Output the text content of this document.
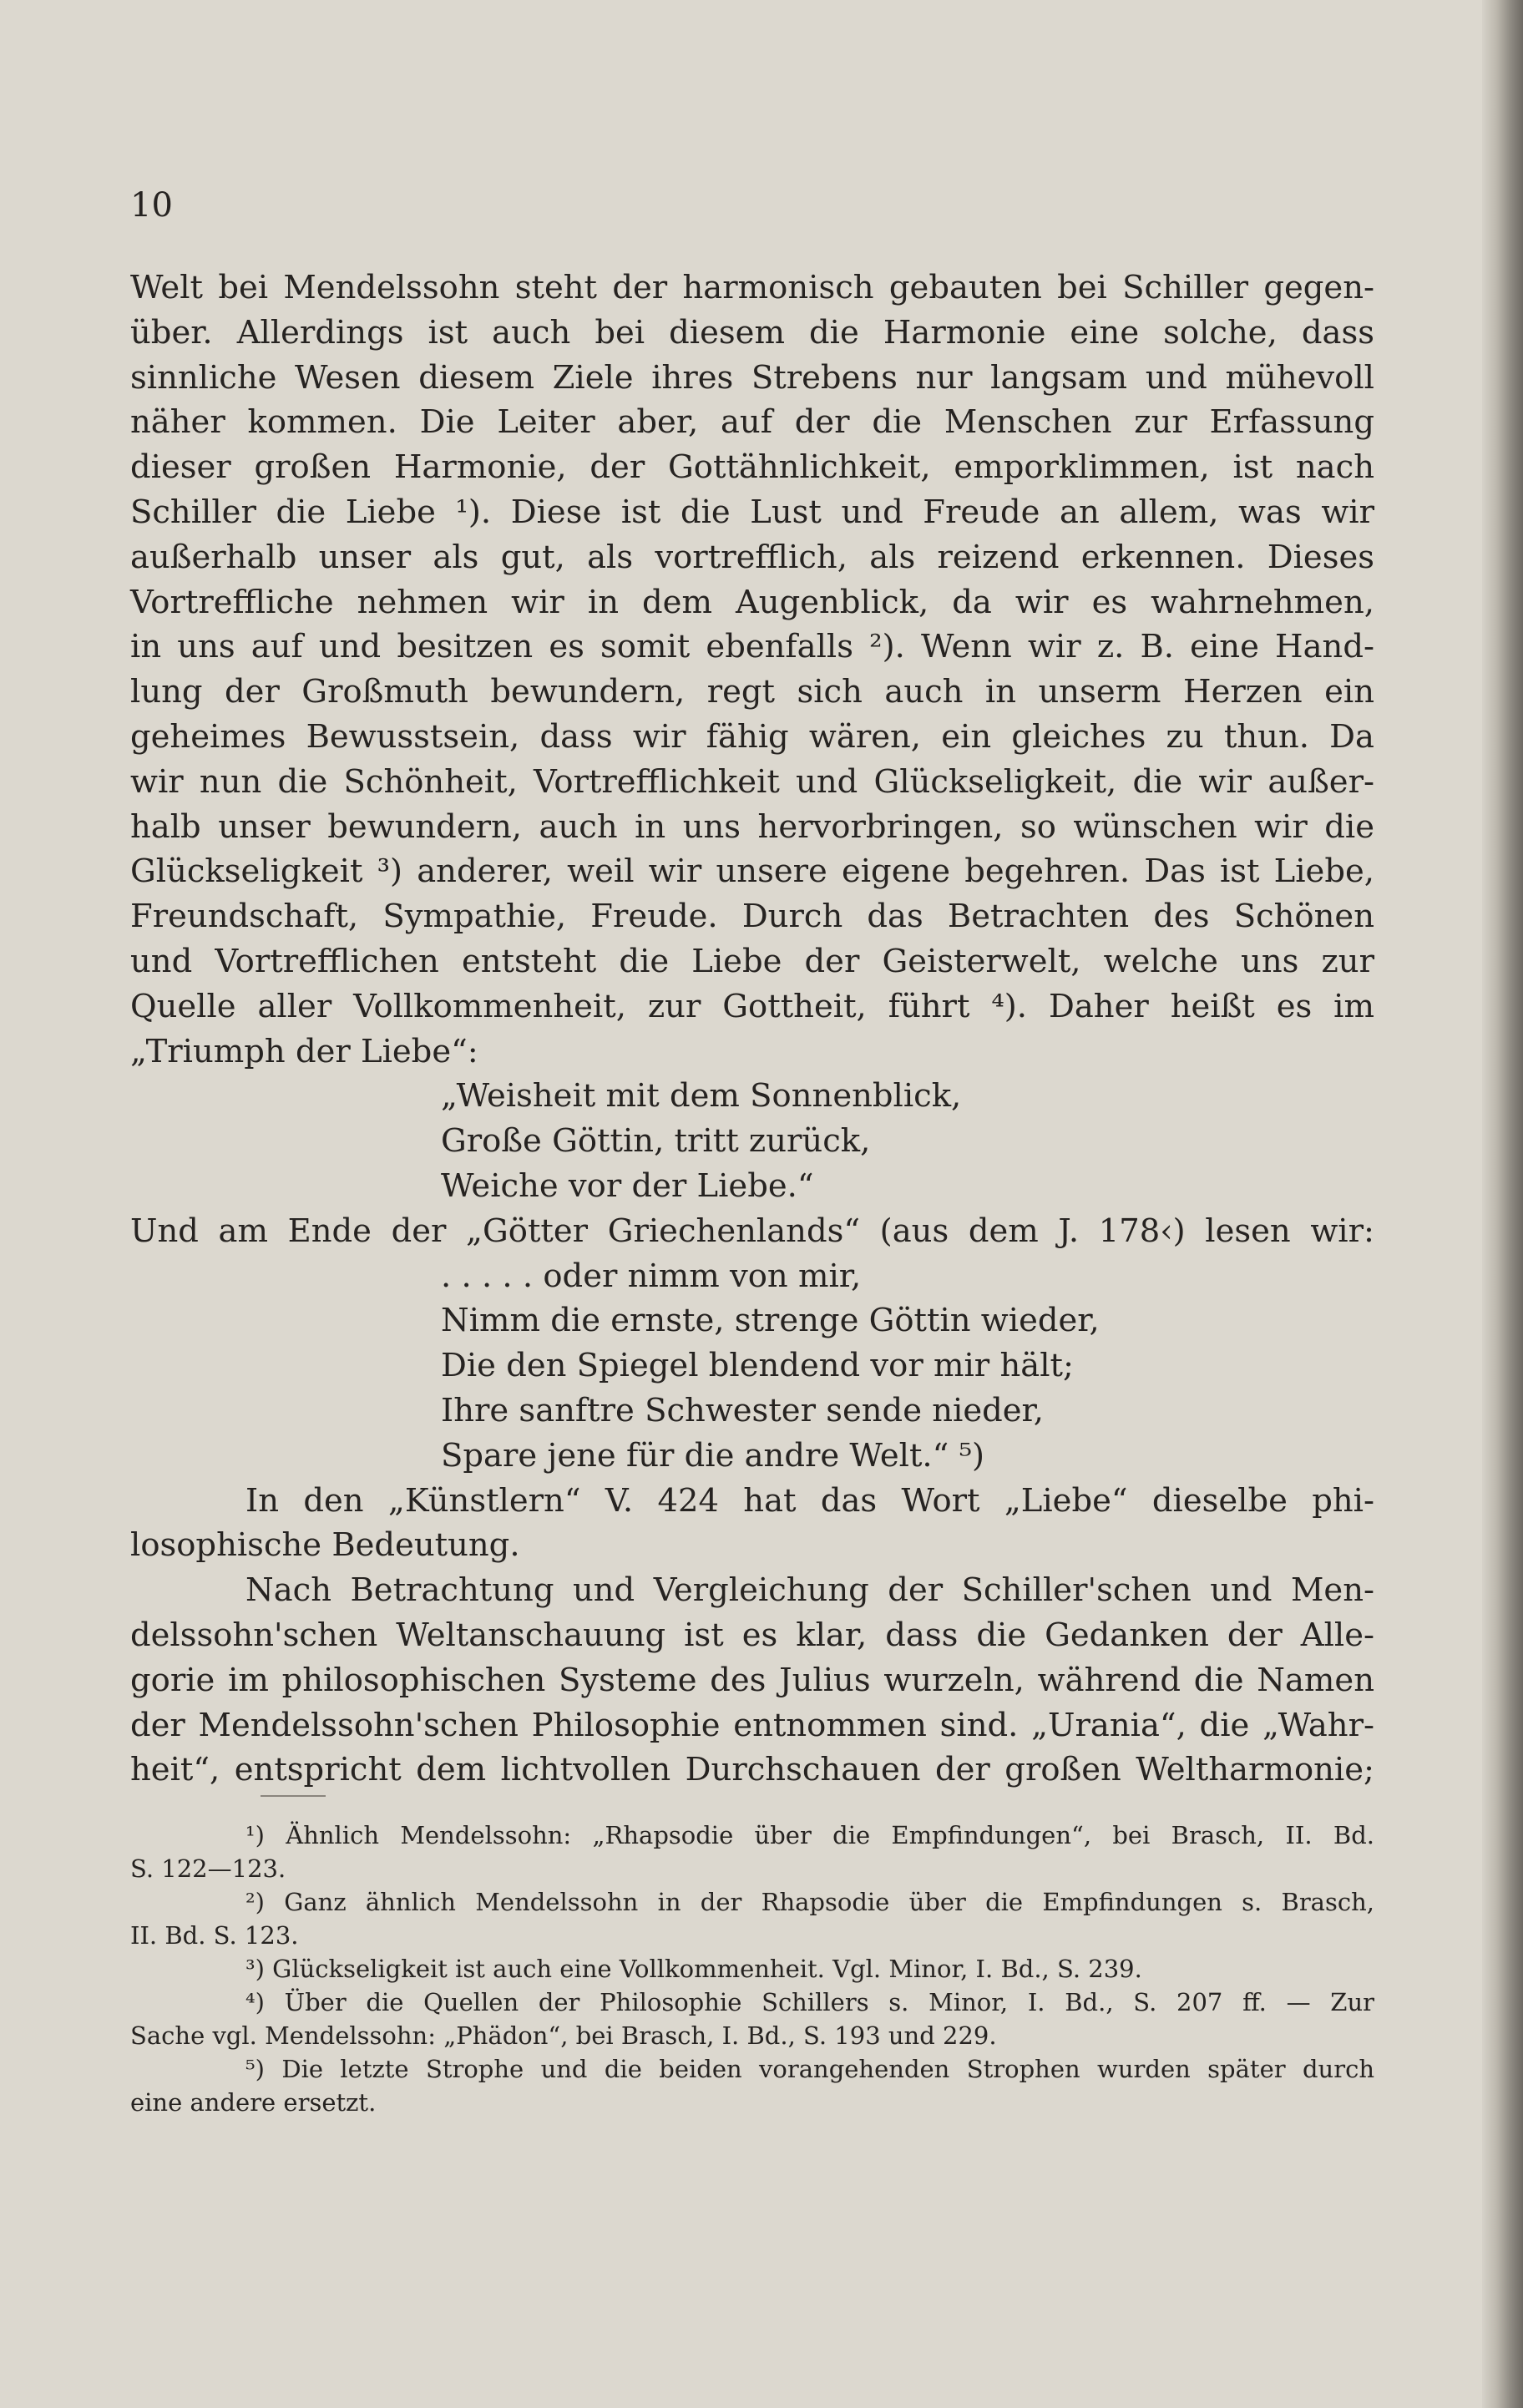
10
Welt bei Mendelssohn steht der harmonisch gebauten bei Schiller gegen-
über. Allerdings ist auch bei diesem die Harmonie eine solche, dass
sinnliche Wesen diesem Ziele ihres Strebens nur langsam und mühevoll
näher kommen. Die Leiter aber, auf der die Menschen zur Erfassung
dieser großen Harmonie, der Gottähnlichkeit, emporklimmen, ist nach
Schiller die Liebe ¹). Diese ist die Lust und Freude an allem, was wir
außerhalb unser als gut, als vortrefflich, als reizend erkennen. Dieses
Vortreffliche nehmen wir in dem Augenblick, da wir es wahrnehmen,
in uns auf und besitzen es somit ebenfalls ²). Wenn wir z. B. eine Hand-
lung der Großmuth bewundern, regt sich auch in unserm Herzen ein
geheimes Bewusstsein, dass wir fähig wären, ein gleiches zu thun. Da
wir nun die Schönheit, Vortrefflichkeit und Glückseligkeit, die wir außer-
halb unser bewundern, auch in uns hervorbringen, so wünschen wir die
Glückseligkeit ³) anderer, weil wir unsere eigene begehren. Das ist Liebe,
Freundschaft, Sympathie, Freude. Durch das Betrachten des Schönen
und Vortrefflichen entsteht die Liebe der Geisterwelt, welche uns zur
Quelle aller Vollkommenheit, zur Gottheit, führt ⁴). Daher heißt es im
„Triumph der Liebe“:
„Weisheit mit dem Sonnenblick,
Große Göttin, tritt zurück,
Weiche vor der Liebe.“
Und am Ende der „Götter Griechenlands“ (aus dem J. 178‹) lesen wir:
. . . . . oder nimm von mir,
Nimm die ernste, strenge Göttin wieder,
Die den Spiegel blendend vor mir hält;
Ihre sanftre Schwester sende nieder,
Spare jene für die andre Welt.“ ⁵)
In den „Künstlern“ V. 424 hat das Wort „Liebe“ dieselbe phi-
losophische Bedeutung.
Nach Betrachtung und Vergleichung der Schiller'schen und Men-
delssohn'schen Weltanschauung ist es klar, dass die Gedanken der Alle-
gorie im philosophischen Systeme des Julius wurzeln, während die Namen
der Mendelssohn'schen Philosophie entnommen sind. „Urania“, die „Wahr-
heit“, entspricht dem lichtvollen Durchschauen der großen Weltharmonie;
¹) Ähnlich Mendelssohn: „Rhapsodie über die Empfindungen“, bei Brasch, II. Bd.
S. 122—123.
²) Ganz ähnlich Mendelssohn in der Rhapsodie über die Empfindungen s. Brasch,
II. Bd. S. 123.
³) Glückseligkeit ist auch eine Vollkommenheit. Vgl. Minor, I. Bd., S. 239.
⁴) Über die Quellen der Philosophie Schillers s. Minor, I. Bd., S. 207 ff. — Zur
Sache vgl. Mendelssohn: „Phädon“, bei Brasch, I. Bd., S. 193 und 229.
⁵) Die letzte Strophe und die beiden vorangehenden Strophen wurden später durch
eine andere ersetzt.
